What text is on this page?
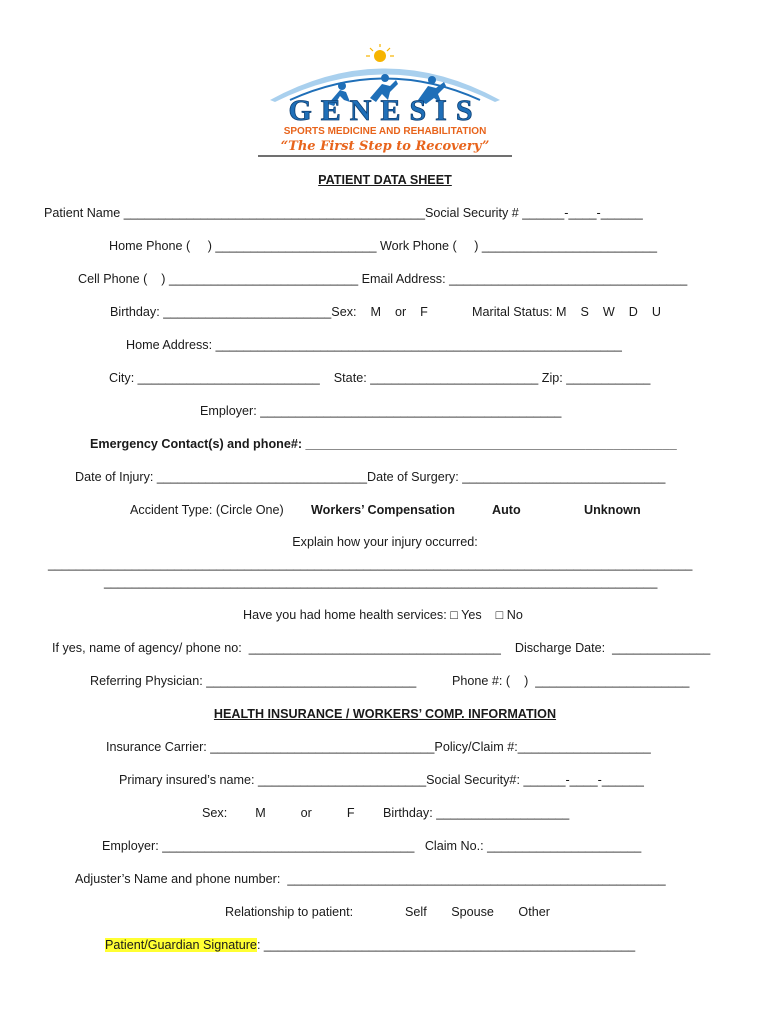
GENESIS
SPORTS MEDICINE AND REHABILITATION
“The First Step to Recovery”
PATIENT DATA SHEET
Patient Name ___________________________________________Social Security # ______-____-______
Home Phone (     ) _______________________ Work Phone (     ) _________________________
Cell Phone (    ) ___________________________ Email Address: __________________________________
Birthday: ________________________Sex:    M    or    F	Marital Status: M    S    W    D    U
Home Address: __________________________________________________________
City: __________________________    State: ________________________ Zip: ____________
Employer: ___________________________________________
Emergency Contact(s) and phone#: _____________________________________________________
Date of Injury: ______________________________Date of Surgery: _____________________________
Accident Type: (Circle One) Workers’ Compensation	Auto	Unknown
Explain how your injury occurred:
____________________________________________________________________________________________
_______________________________________________________________________________
Have you had home health services: □ Yes    □ No
If yes, name of agency/ phone no:  ____________________________________    Discharge Date:  ______________
Referring Physician: ______________________________	Phone #: (    )  ______________________
HEALTH INSURANCE / WORKERS’ COMP. INFORMATION
Insurance Carrier: ________________________________Policy/Claim #:___________________
Primary insured’s name: ________________________Social Security#: ______-____-______
Sex:        M          or          F Birthday: ___________________
Employer: ____________________________________   Claim No.: ______________________
Adjuster’s Name and phone number:  ______________________________________________________
Relationship to patient:	Self       Spouse       Other
Patient/Guardian Signature: _____________________________________________________
